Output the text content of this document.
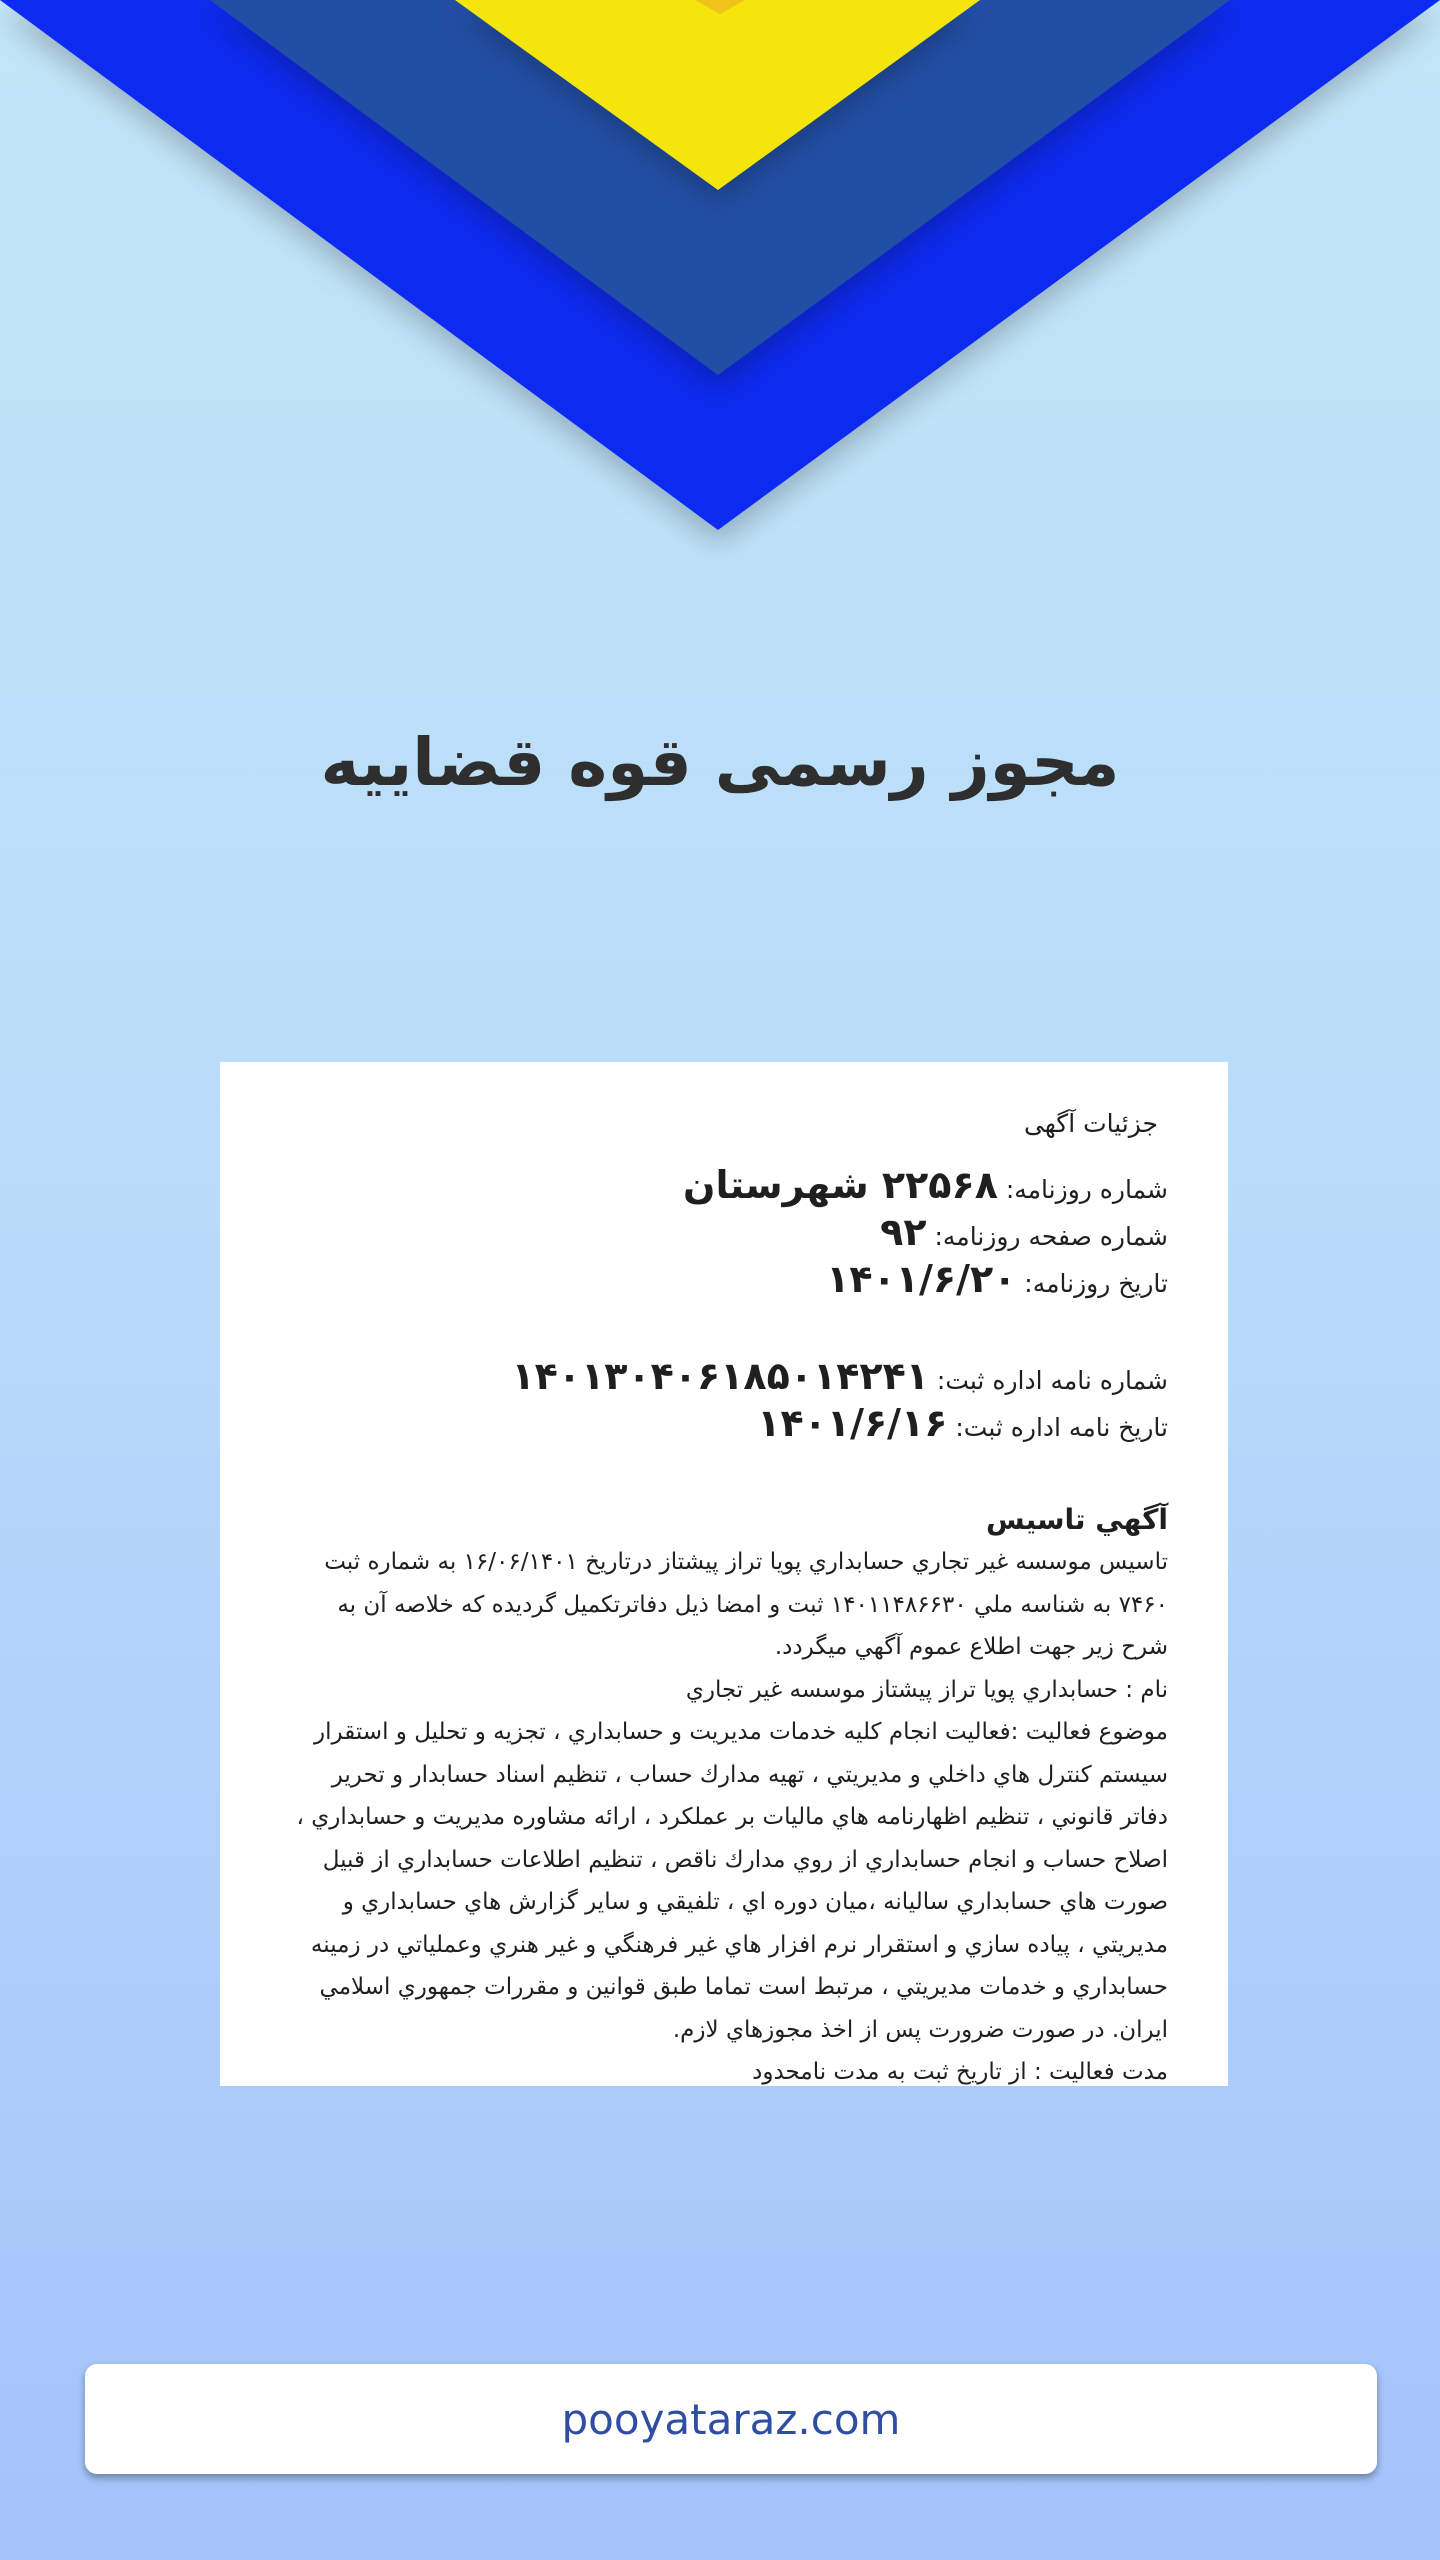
مجوز رسمی قوه قضاییه
جزئیات آگهی
شماره روزنامه: ۲۲۵۶۸ شهرستان
شماره صفحه روزنامه: ۹۲
تاریخ روزنامه: ۱۴۰۱/۶/۲۰
شماره نامه اداره ثبت: ۱۴۰۱۳۰۴۰۶۱۸۵۰۱۴۲۴۱
تاریخ نامه اداره ثبت: ۱۴۰۱/۶/۱۶
آگهي تاسيس

تاسيس موسسه غير تجاري حسابداري پويا تراز پيشتاز درتاريخ ۱۶/۰۶/۱۴۰۱ به شماره ثبت

۷۴۶۰ به شناسه ملي ۱۴۰۱۱۴۸۶۶۳۰ ثبت و امضا ذيل دفاترتكميل گرديده كه خلاصه آن به

شرح زير جهت اطلاع عموم آگهي ميگردد.

نام : حسابداري پويا تراز پيشتاز موسسه غير تجاري

موضوع فعاليت :فعاليت انجام كليه خدمات مديريت و حسابداري ، تجزيه و تحليل و استقرار

سيستم كنترل هاي داخلي و مديريتي ، تهيه مدارك حساب ، تنظيم اسناد حسابدار و تحرير

دفاتر قانوني ، تنظيم اظهارنامه هاي ماليات بر عملكرد ، ارائه مشاوره مديريت و حسابداري ،

اصلاح حساب و انجام حسابداري از روي مدارك ناقص ، تنظيم اطلاعات حسابداري از قبيل

صورت هاي حسابداري ساليانه ،ميان دوره اي ، تلفيقي و ساير گزارش هاي حسابداري و

مديريتي ، پياده سازي و استقرار نرم افزار هاي غير فرهنگي و غير هنري وعملياتي در زمينه

حسابداري و خدمات مديريتي ، مرتبط است تماما طبق قوانين و مقررات جمهوري اسلامي

ايران. در صورت ضرورت پس از اخذ مجوزهاي لازم.

مدت فعاليت : از تاريخ ثبت به مدت نامحدود

pooyataraz.com
